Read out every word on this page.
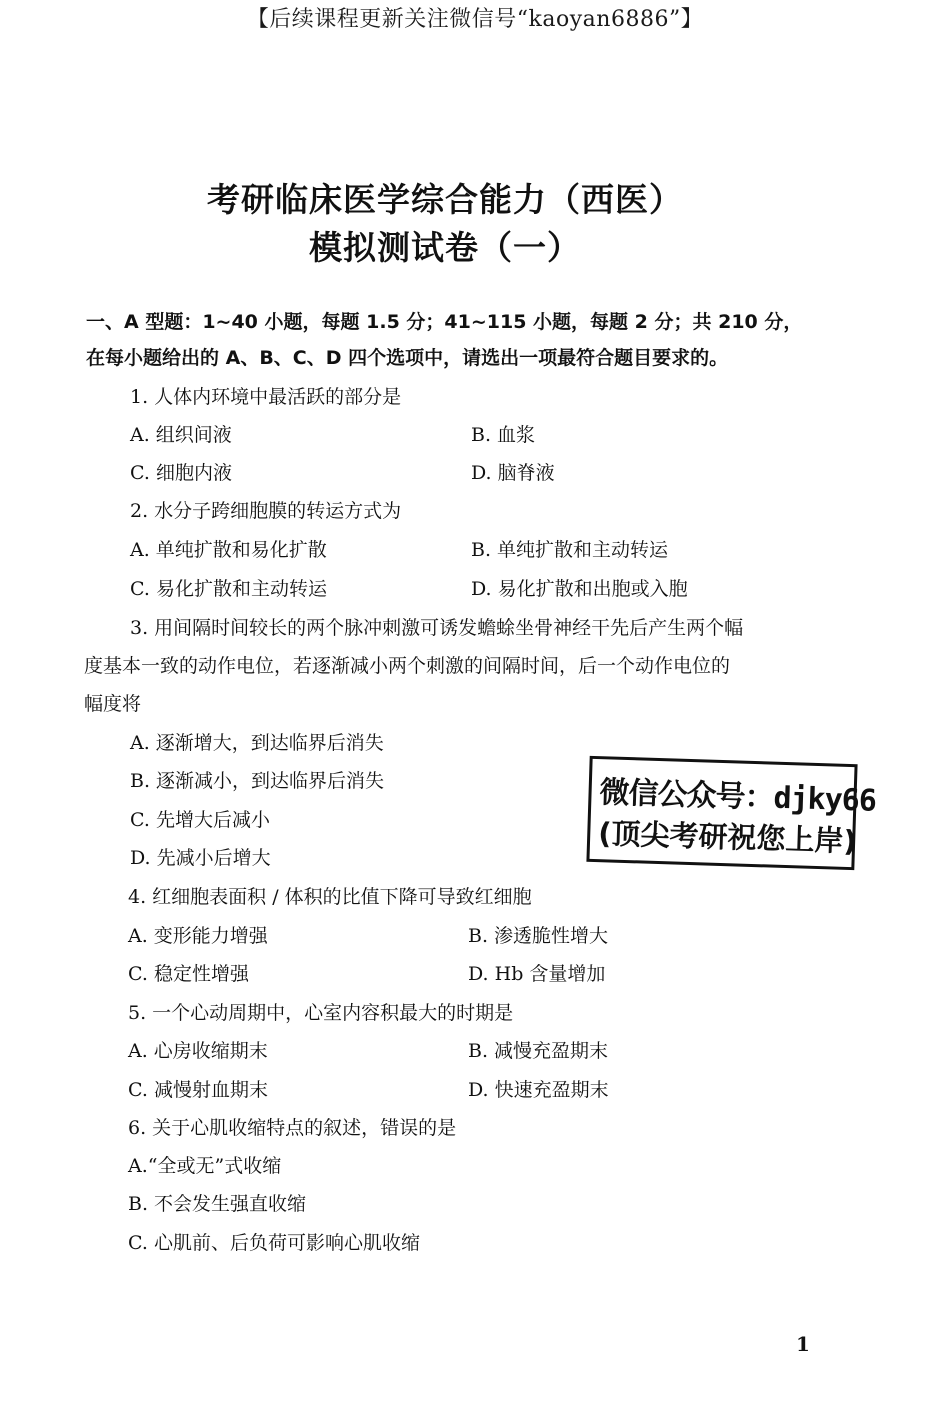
【后续课程更新关注微信号“kaoyan6886”】
考研临床医学综合能力（西医）
模拟测试卷（一）
一、A 型题：1~40 小题，每题 1.5 分；41~115 小题，每题 2 分；共 210 分，
在每小题给出的 A、B、C、D 四个选项中，请选出一项最符合题目要求的。
1. 人体内环境中最活跃的部分是
A. 组织间液	B. 血浆
C. 细胞内液	D. 脑脊液
2. 水分子跨细胞膜的转运方式为
A. 单纯扩散和易化扩散	B. 单纯扩散和主动转运
C. 易化扩散和主动转运	D. 易化扩散和出胞或入胞
3. 用间隔时间较长的两个脉冲刺激可诱发蟾蜍坐骨神经干先后产生两个幅
度基本一致的动作电位，若逐渐减小两个刺激的间隔时间，后一个动作电位的
幅度将
A. 逐渐增大，到达临界后消失
B. 逐渐减小，到达临界后消失
C. 先增大后减小
D. 先减小后增大
4. 红细胞表面积 / 体积的比值下降可导致红细胞
A. 变形能力增强	B. 渗透脆性增大
C. 稳定性增强	D. Hb 含量增加
5. 一个心动周期中，心室内容积最大的时期是
A. 心房收缩期末	B. 减慢充盈期末
C. 减慢射血期末	D. 快速充盈期末
6. 关于心肌收缩特点的叙述，错误的是
A.“全或无”式收缩
B. 不会发生强直收缩
C. 心肌前、后负荷可影响心肌收缩
微信公众号：djky66
(顶尖考研祝您上岸)
1
